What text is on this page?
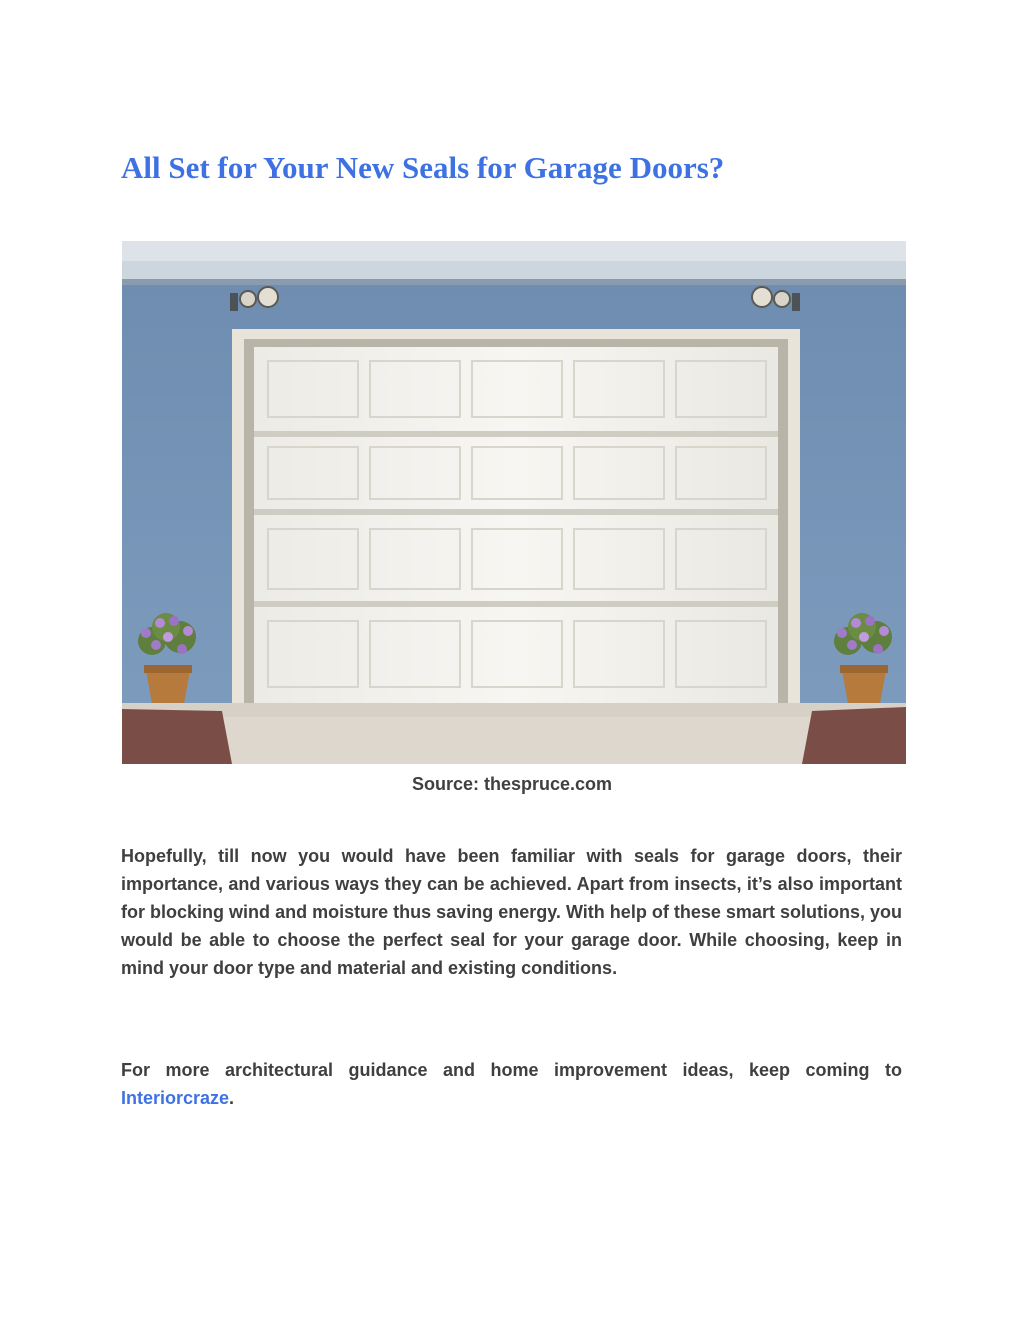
All Set for Your New Seals for Garage Doors?

Source: thespruce.com

Hopefully, till now you would have been familiar with seals for garage doors, their importance, and various ways they can be achieved. Apart from insects, it’s also important for blocking wind and moisture thus saving energy. With help of these smart solutions, you would be able to choose the perfect seal for your garage door. While choosing, keep in mind your door type and material and existing conditions.

For more architectural guidance and home improvement ideas, keep coming to Interiorcraze.
